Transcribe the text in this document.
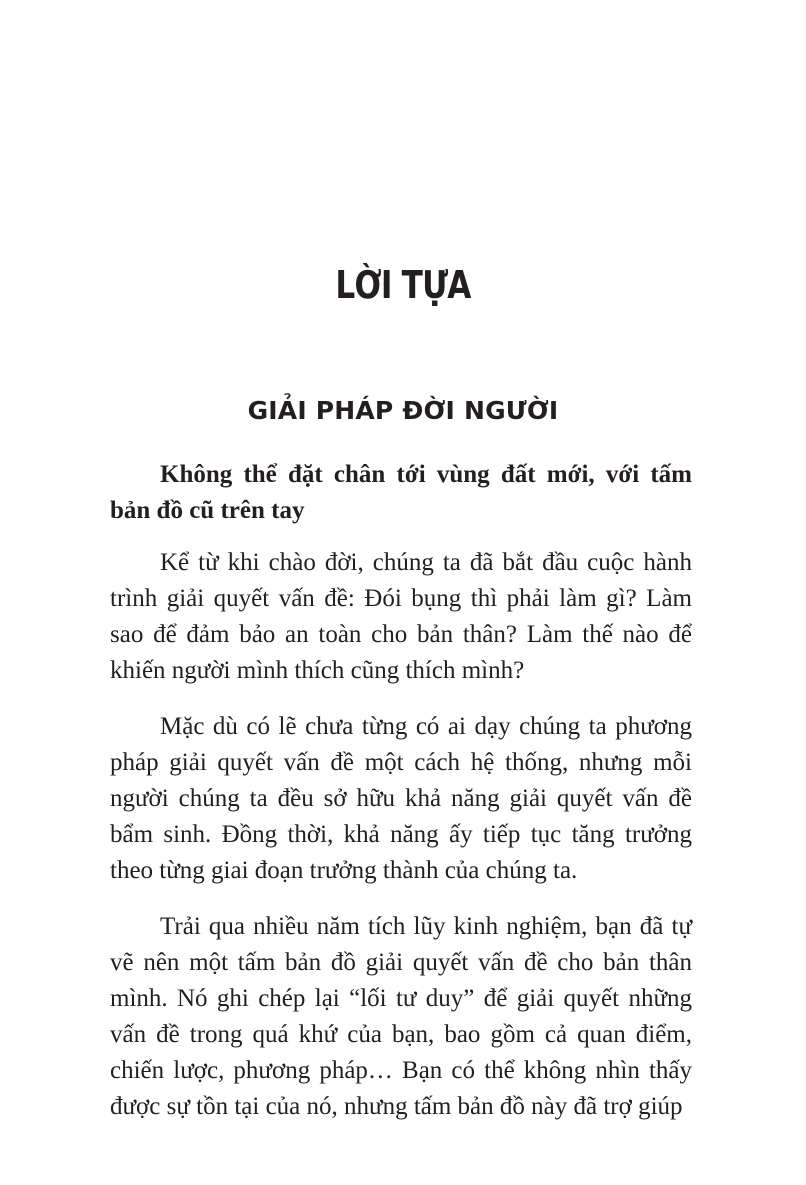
LỜI TỰA
GIẢI PHÁP ĐỜI NGƯỜI

Không thể đặt chân tới vùng đất mới, với tấm bản đồ cũ trên tay

Kể từ khi chào đời, chúng ta đã bắt đầu cuộc hành trình giải quyết vấn đề: Đói bụng thì phải làm gì? Làm sao để đảm bảo an toàn cho bản thân? Làm thế nào để khiến người mình thích cũng thích mình?

Mặc dù có lẽ chưa từng có ai dạy chúng ta phương pháp giải quyết vấn đề một cách hệ thống, nhưng mỗi người chúng ta đều sở hữu khả năng giải quyết vấn đề bẩm sinh. Đồng thời, khả năng ấy tiếp tục tăng trưởng theo từng giai đoạn trưởng thành của chúng ta.

Trải qua nhiều năm tích lũy kinh nghiệm, bạn đã tự vẽ nên một tấm bản đồ giải quyết vấn đề cho bản thân mình. Nó ghi chép lại “lối tư duy” để giải quyết những vấn đề trong quá khứ của bạn, bao gồm cả quan điểm, chiến lược, phương pháp… Bạn có thể không nhìn thấy được sự tồn tại của nó, nhưng tấm bản đồ này đã trợ giúp
